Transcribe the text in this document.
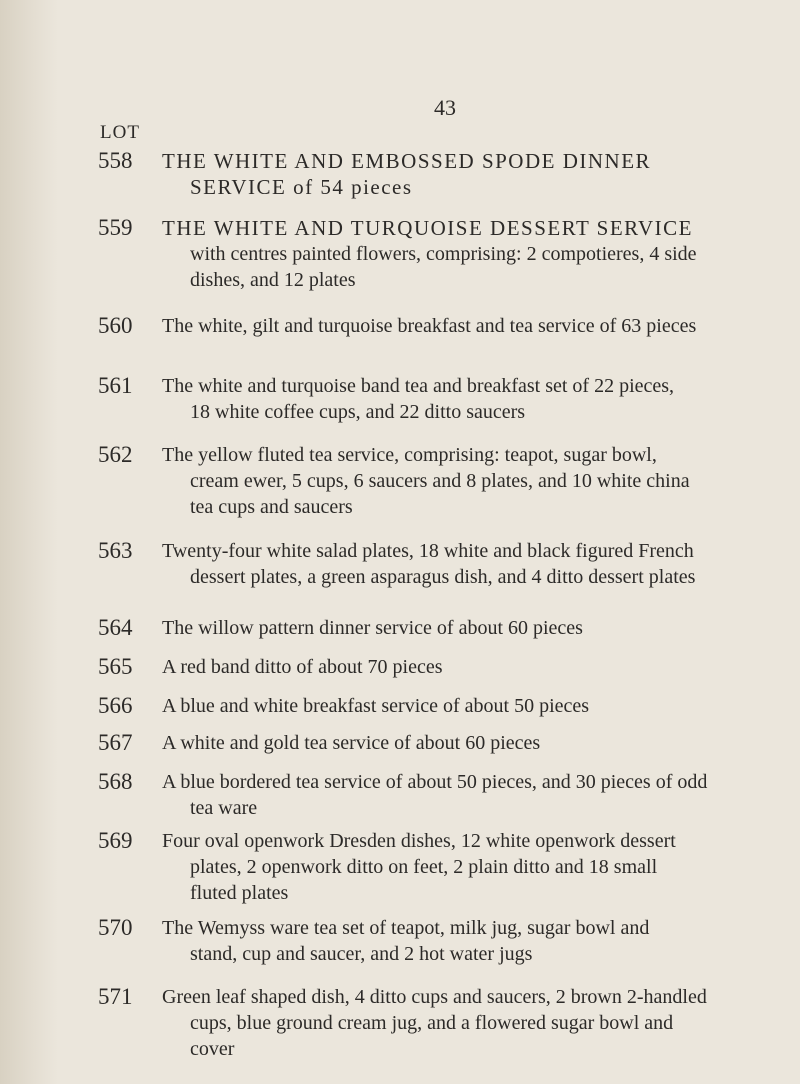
43
LOT
558 THE WHITE AND EMBOSSED SPODE DINNER
SERVICE of 54 pieces
559 THE WHITE AND TURQUOISE DESSERT SERVICE
with centres painted flowers, comprising: 2 compotieres, 4 side
dishes, and 12 plates
560 The white, gilt and turquoise breakfast and tea service of 63 pieces
561 The white and turquoise band tea and breakfast set of 22 pieces,
18 white coffee cups, and 22 ditto saucers
562 The yellow fluted tea service, comprising: teapot, sugar bowl,
cream ewer, 5 cups, 6 saucers and 8 plates, and 10 white china
tea cups and saucers
563 Twenty-four white salad plates, 18 white and black figured French
dessert plates, a green asparagus dish, and 4 ditto dessert plates
564 The willow pattern dinner service of about 60 pieces
565 A red band ditto of about 70 pieces
566 A blue and white breakfast service of about 50 pieces
567 A white and gold tea service of about 60 pieces
568 A blue bordered tea service of about 50 pieces, and 30 pieces of odd
tea ware
569 Four oval openwork Dresden dishes, 12 white openwork dessert
plates, 2 openwork ditto on feet, 2 plain ditto and 18 small
fluted plates
570 The Wemyss ware tea set of teapot, milk jug, sugar bowl and
stand, cup and saucer, and 2 hot water jugs
571 Green leaf shaped dish, 4 ditto cups and saucers, 2 brown 2-handled
cups, blue ground cream jug, and a flowered sugar bowl and
cover
